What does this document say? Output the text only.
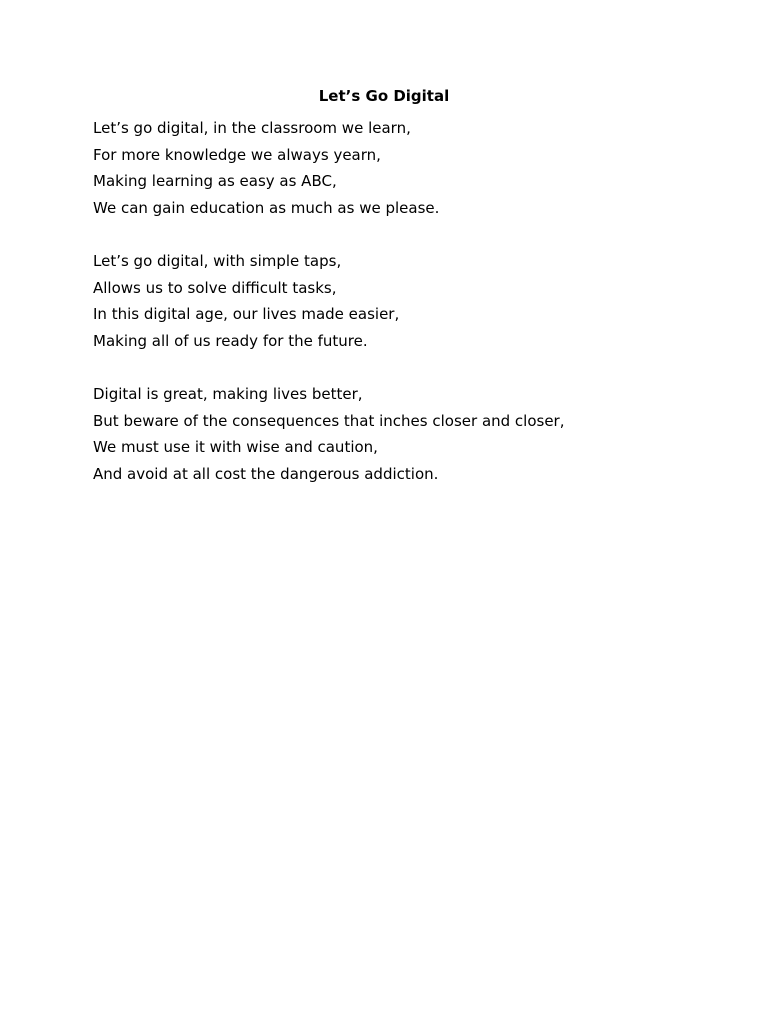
Let’s Go Digital
Let’s go digital, in the classroom we learn,
For more knowledge we always yearn,
Making learning as easy as ABC,
We can gain education as much as we please.
Let’s go digital, with simple taps,
Allows us to solve difficult tasks,
In this digital age, our lives made easier,
Making all of us ready for the future.
Digital is great, making lives better,
But beware of the consequences that inches closer and closer,
We must use it with wise and caution,
And avoid at all cost the dangerous addiction.
